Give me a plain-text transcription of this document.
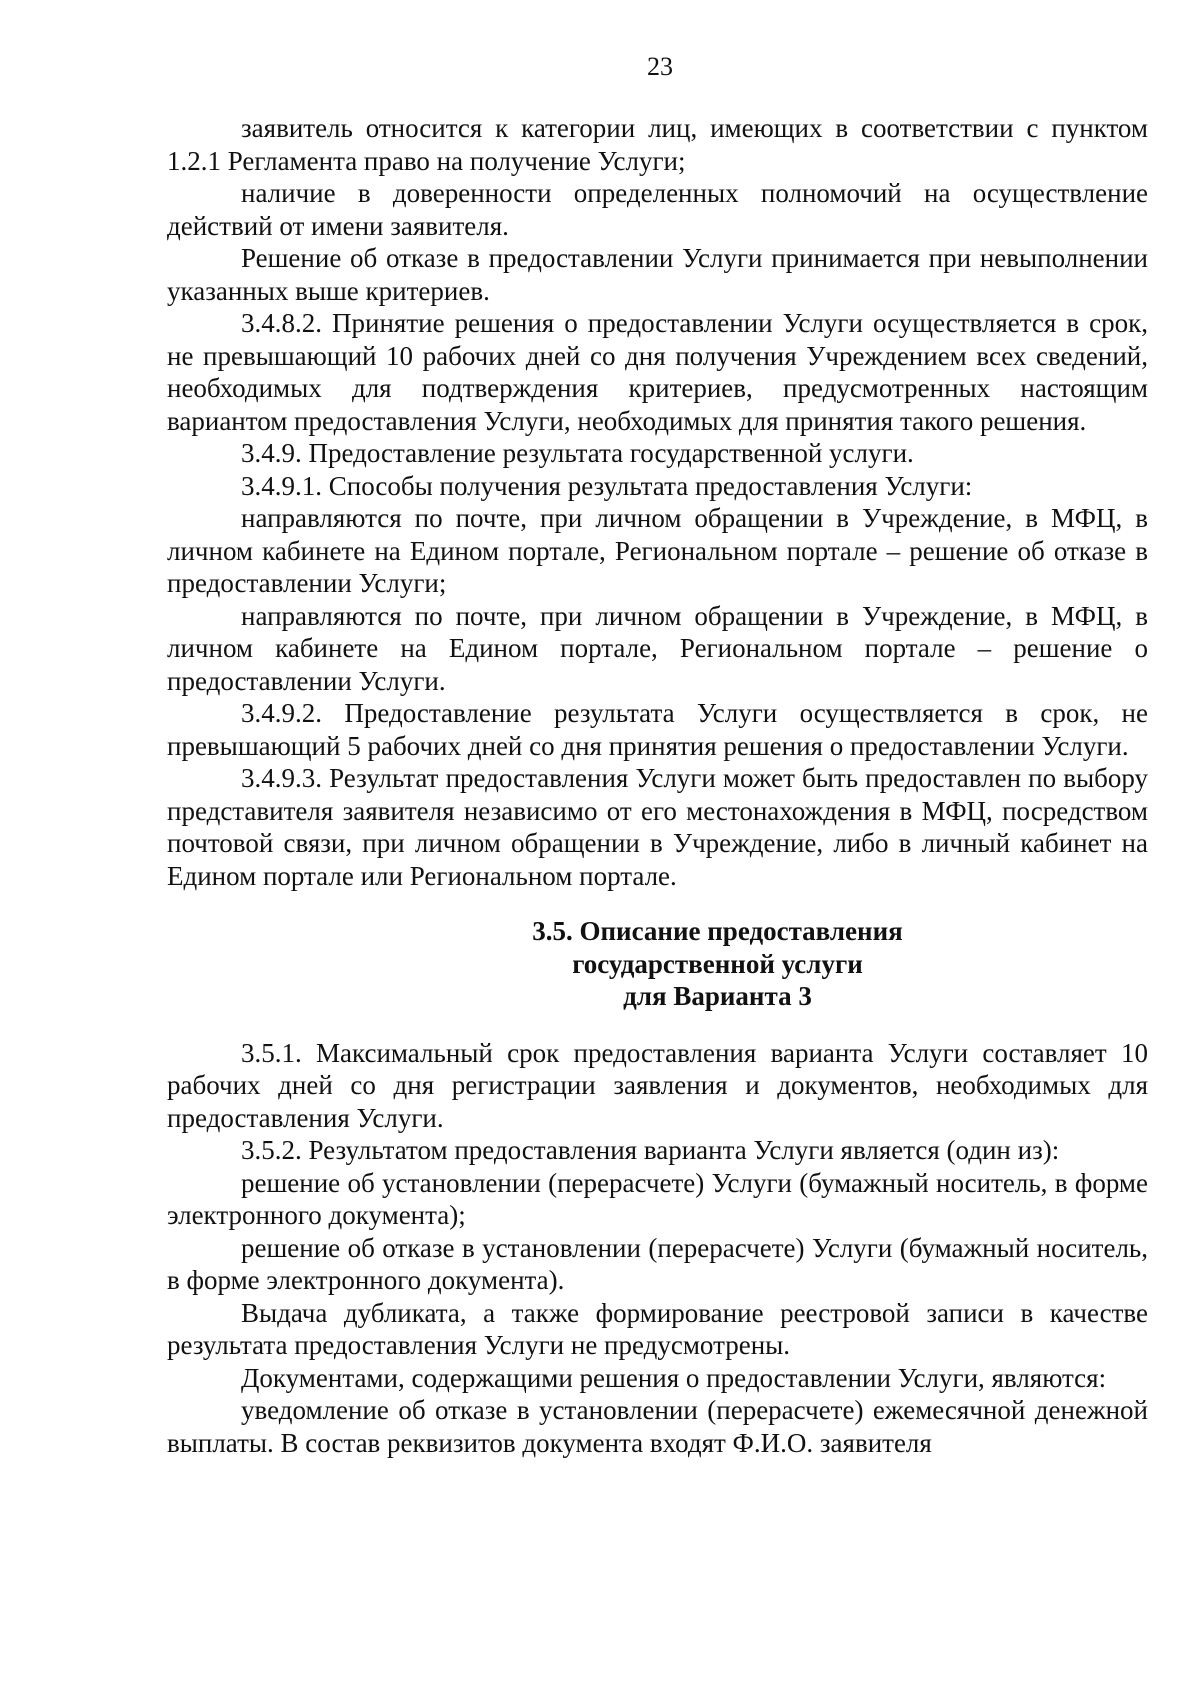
23

заявитель относится к категории лиц, имеющих в соответствии с пунктом 1.2.1 Регламента право на получение Услуги;

наличие в доверенности определенных полномочий на осуществление действий от имени заявителя.

Решение об отказе в предоставлении Услуги принимается при невыполнении указанных выше критериев.

3.4.8.2. Принятие решения о предоставлении Услуги осуществляется в срок, не превышающий 10 рабочих дней со дня получения Учреждением всех сведений, необходимых для подтверждения критериев, предусмотренных настоящим вариантом предоставления Услуги, необходимых для принятия такого решения.

3.4.9. Предоставление результата государственной услуги.

3.4.9.1. Способы получения результата предоставления Услуги:

направляются по почте, при личном обращении в Учреждение, в МФЦ, в личном кабинете на Едином портале, Региональном портале – решение об отказе в предоставлении Услуги;

направляются по почте, при личном обращении в Учреждение, в МФЦ, в личном кабинете на Едином портале, Региональном портале – решение о предоставлении Услуги.

3.4.9.2. Предоставление результата Услуги осуществляется в срок, не превышающий 5 рабочих дней со дня принятия решения о предоставлении Услуги.

3.4.9.3. Результат предоставления Услуги может быть предоставлен по выбору представителя заявителя независимо от его местонахождения в МФЦ, посредством почтовой связи, при личном обращении в Учреждение, либо в личный кабинет на Едином портале или Региональном портале.

3.5. Описание предоставления
государственной услуги
для Варианта 3

3.5.1. Максимальный срок предоставления варианта Услуги составляет 10 рабочих дней со дня регистрации заявления и документов, необходимых для предоставления Услуги.

3.5.2. Результатом предоставления варианта Услуги является (один из):

решение об установлении (перерасчете) Услуги (бумажный носитель, в форме электронного документа);

решение об отказе в установлении (перерасчете) Услуги (бумажный носитель, в форме электронного документа).

Выдача дубликата, а также формирование реестровой записи в качестве результата предоставления Услуги не предусмотрены.

Документами, содержащими решения о предоставлении Услуги, являются:

уведомление об отказе в установлении (перерасчете) ежемесячной денежной выплаты. В состав реквизитов документа входят Ф.И.О. заявителя
